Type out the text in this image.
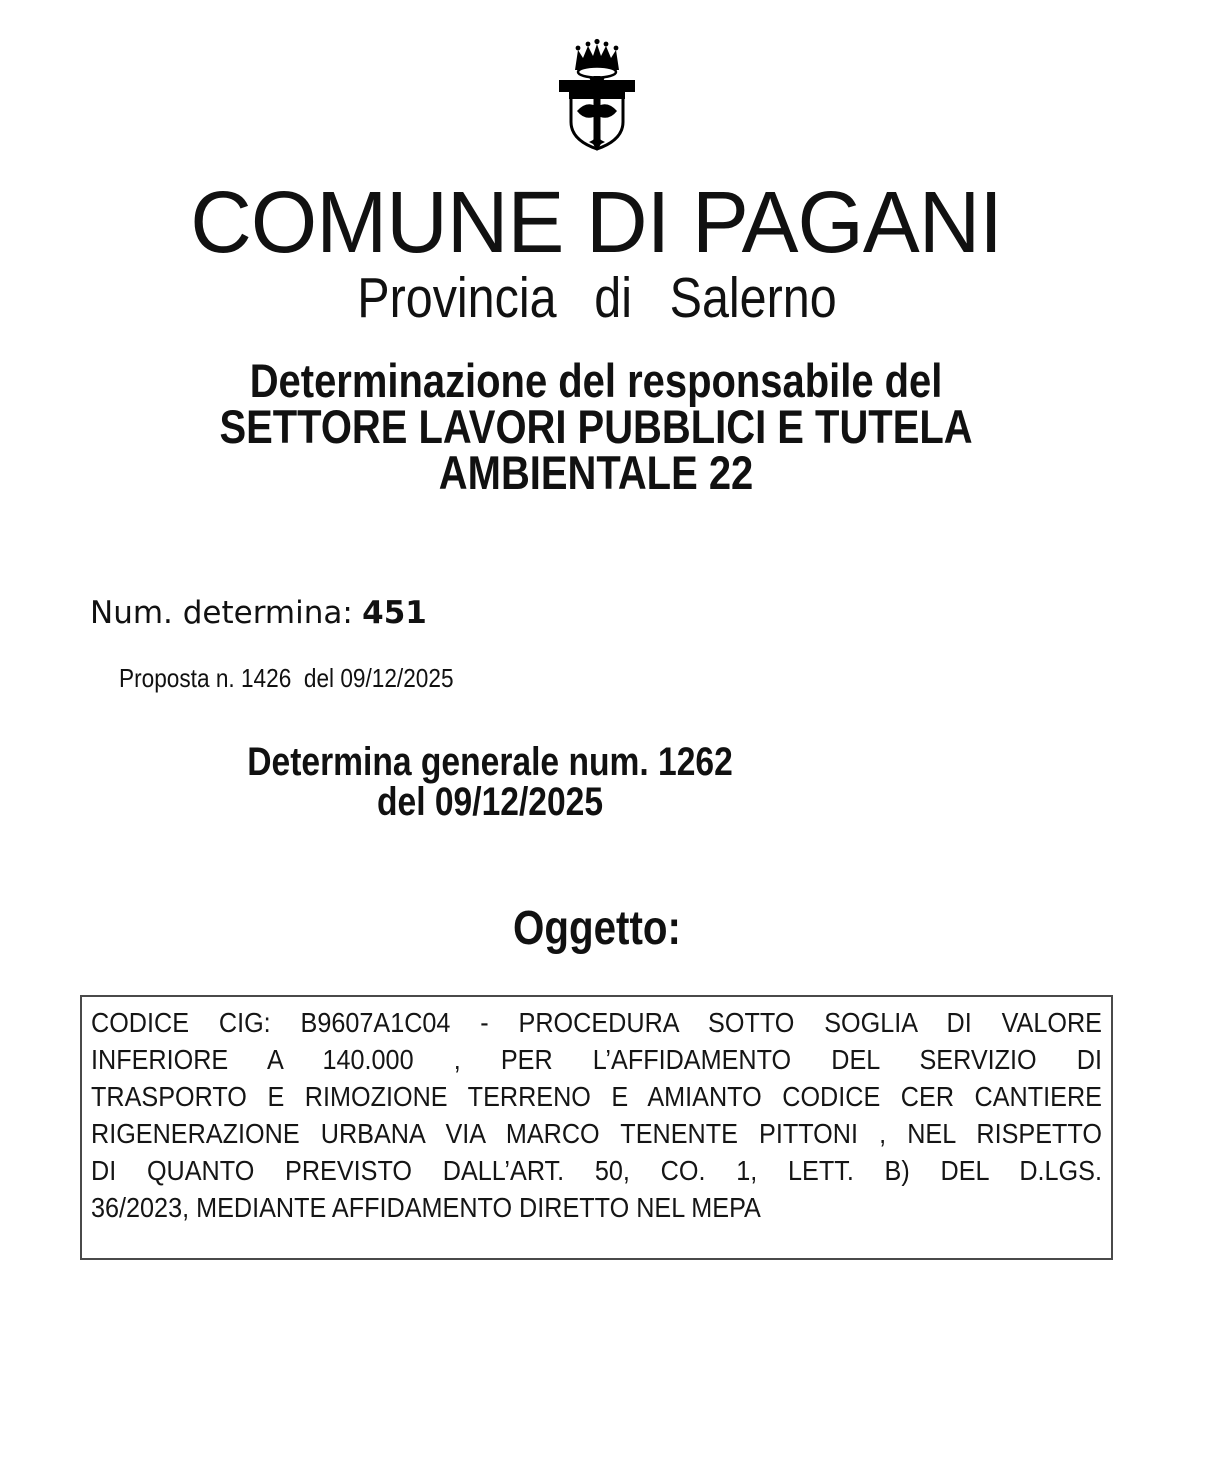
COMUNE DI PAGANI
Provincia di Salerno
Determinazione del responsabile del
SETTORE LAVORI PUBBLICI E TUTELA
AMBIENTALE 22
Num. determina: 451

Proposta n. 1426  del 09/12/2025

Determina generale num. 1262
del 09/12/2025
Oggetto:
CODICE CIG: B9607A1C04 - PROCEDURA SOTTO SOGLIA DI VALORE
INFERIORE A 140.000 , PER L’AFFIDAMENTO DEL SERVIZIO DI
TRASPORTO E RIMOZIONE TERRENO E AMIANTO CODICE CER CANTIERE
RIGENERAZIONE URBANA VIA MARCO TENENTE PITTONI , NEL RISPETTO
DI QUANTO PREVISTO DALL’ART. 50, CO. 1, LETT. B) DEL D.LGS.
36/2023, MEDIANTE AFFIDAMENTO DIRETTO NEL MEPA
